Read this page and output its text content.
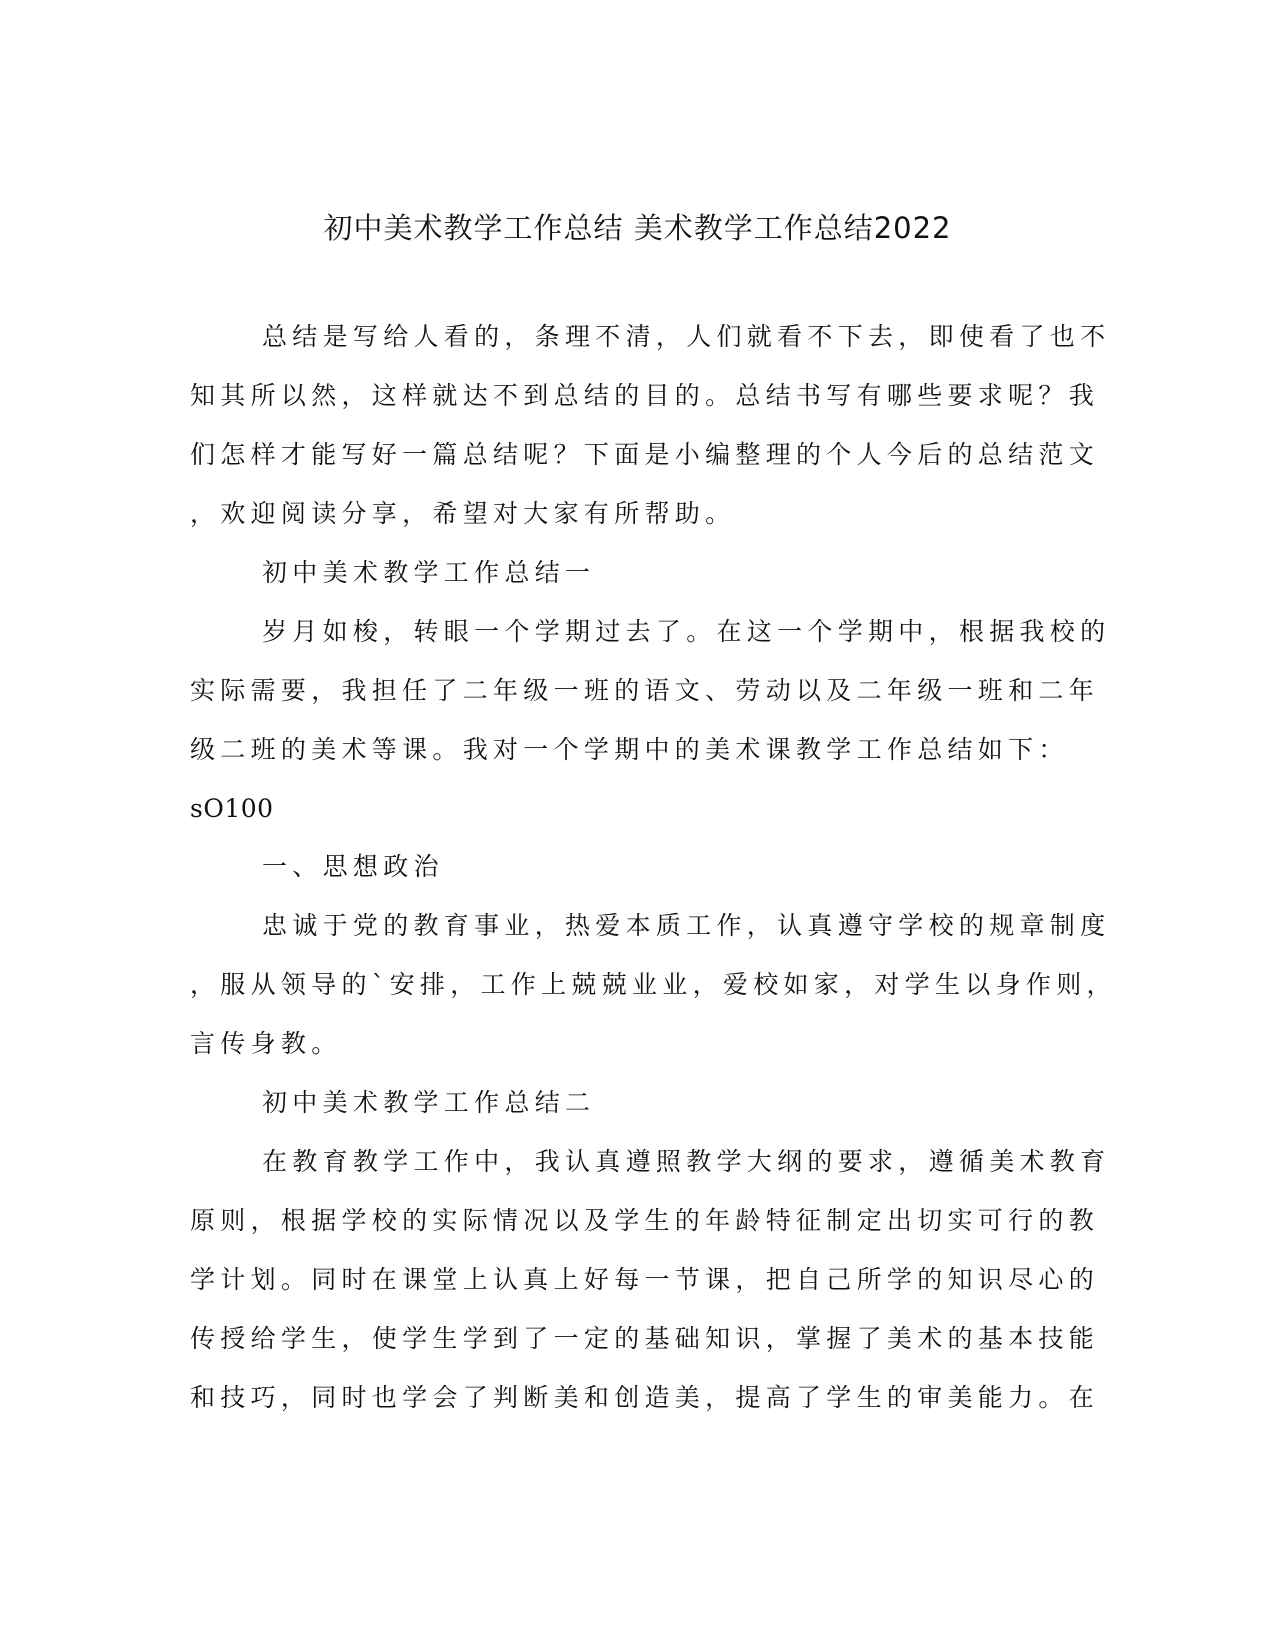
初中美术教学工作总结 美术教学工作总结2022
总结是写给人看的，条理不清，人们就看不下去，即使看了也不
知其所以然，这样就达不到总结的目的。总结书写有哪些要求呢？我
们怎样才能写好一篇总结呢？下面是小编整理的个人今后的总结范文
，欢迎阅读分享，希望对大家有所帮助。
初中美术教学工作总结一
岁月如梭，转眼一个学期过去了。在这一个学期中，根据我校的
实际需要，我担任了二年级一班的语文、劳动以及二年级一班和二年
级二班的美术等课。我对一个学期中的美术课教学工作总结如下：
sO100
一、思想政治
忠诚于党的教育事业，热爱本质工作，认真遵守学校的规章制度
，服从领导的`安排，工作上兢兢业业，爱校如家，对学生以身作则，
言传身教。
初中美术教学工作总结二
在教育教学工作中，我认真遵照教学大纲的要求，遵循美术教育
原则，根据学校的实际情况以及学生的年龄特征制定出切实可行的教
学计划。同时在课堂上认真上好每一节课，把自己所学的知识尽心的
传授给学生，使学生学到了一定的基础知识，掌握了美术的基本技能
和技巧，同时也学会了判断美和创造美，提高了学生的审美能力。在
